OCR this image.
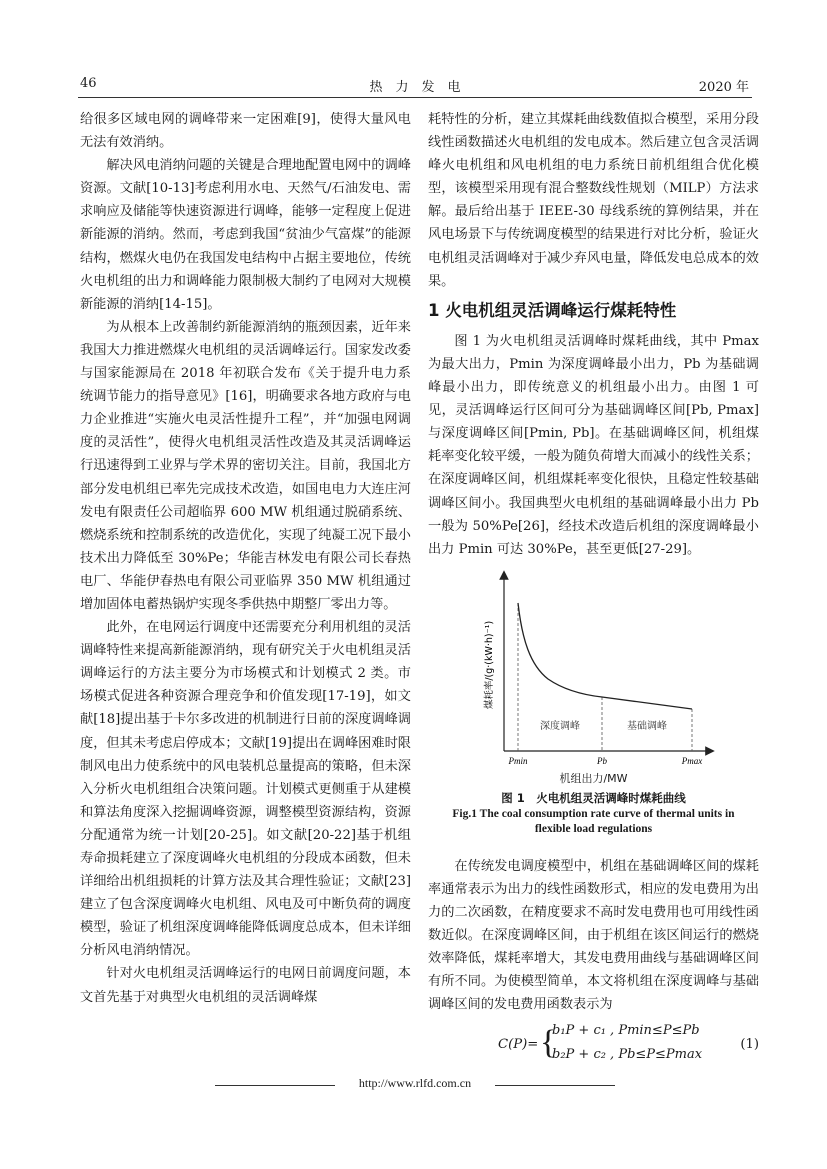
46	热　力　发　电	2020 年

给很多区域电网的调峰带来一定困难[9]，使得大量风电无法有效消纳。

解决风电消纳问题的关键是合理地配置电网中的调峰资源。文献[10-13]考虑利用水电、天然气/石油发电、需求响应及储能等快速资源进行调峰，能够一定程度上促进新能源的消纳。然而，考虑到我国“贫油少气富煤”的能源结构，燃煤火电仍在我国发电结构中占据主要地位，传统火电机组的出力和调峰能力限制极大制约了电网对大规模新能源的消纳[14-15]。

为从根本上改善制约新能源消纳的瓶颈因素，近年来我国大力推进燃煤火电机组的灵活调峰运行。国家发改委与国家能源局在 2018 年初联合发布《关于提升电力系统调节能力的指导意见》[16]，明确要求各地方政府与电力企业推进“实施火电灵活性提升工程”，并“加强电网调度的灵活性”，使得火电机组灵活性改造及其灵活调峰运行迅速得到工业界与学术界的密切关注。目前，我国北方部分发电机组已率先完成技术改造，如国电电力大连庄河发电有限责任公司超临界 600 MW 机组通过脱硝系统、燃烧系统和控制系统的改造优化，实现了纯凝工况下最小技术出力降低至 30%Pe；华能吉林发电有限公司长春热电厂、华能伊春热电有限公司亚临界 350 MW 机组通过增加固体电蓄热锅炉实现冬季供热中期整厂零出力等。

此外，在电网运行调度中还需要充分利用机组的灵活调峰特性来提高新能源消纳，现有研究关于火电机组灵活调峰运行的方法主要分为市场模式和计划模式 2 类。市场模式促进各种资源合理竞争和价值发现[17-19]，如文献[18]提出基于卡尔多改进的机制进行日前的深度调峰调度，但其未考虑启停成本；文献[19]提出在调峰困难时限制风电出力使系统中的风电装机总量提高的策略，但未深入分析火电机组组合决策问题。计划模式更侧重于从建模和算法角度深入挖掘调峰资源，调整模型资源结构，资源分配通常为统一计划[20-25]。如文献[20-22]基于机组寿命损耗建立了深度调峰火电机组的分段成本函数，但未详细给出机组损耗的计算方法及其合理性验证；文献[23]建立了包含深度调峰火电机组、风电及可中断负荷的调度模型，验证了机组深度调峰能降低调度总成本，但未详细分析风电消纳情况。

针对火电机组灵活调峰运行的电网日前调度问题，本文首先基于对典型火电机组的灵活调峰煤

耗特性的分析，建立其煤耗曲线数值拟合模型，采用分段线性函数描述火电机组的发电成本。然后建立包含灵活调峰火电机组和风电机组的电力系统日前机组组合优化模型，该模型采用现有混合整数线性规划（MILP）方法求解。最后给出基于 IEEE-30 母线系统的算例结果，并在风电场景下与传统调度模型的结果进行对比分析，验证火电机组灵活调峰对于减少弃风电量，降低发电总成本的效果。

1 火电机组灵活调峰运行煤耗特性

图 1 为火电机组灵活调峰时煤耗曲线，其中 Pmax 为最大出力，Pmin 为深度调峰最小出力，Pb 为基础调峰最小出力，即传统意义的机组最小出力。由图 1 可见，灵活调峰运行区间可分为基础调峰区间[Pb, Pmax]与深度调峰区间[Pmin, Pb]。在基础调峰区间，机组煤耗率变化较平缓，一般为随负荷增大而减小的线性关系；在深度调峰区间，机组煤耗率变化很快，且稳定性较基础调峰区间小。我国典型火电机组的基础调峰最小出力 Pb 一般为 50%Pe[26]，经技术改造后机组的深度调峰最小出力 Pmin 可达 30%Pe，甚至更低[27-29]。

深度调峰	基础调峰
Pmin	Pb	Pmax
煤耗率/(g·(kW·h)⁻¹)
机组出力/MW
图 1　火电机组灵活调峰时煤耗曲线
Fig.1 The coal consumption rate curve of thermal units in
flexible load regulations

在传统发电调度模型中，机组在基础调峰区间的煤耗率通常表示为出力的线性函数形式，相应的发电费用为出力的二次函数，在精度要求不高时发电费用也可用线性函数近似。在深度调峰区间，由于机组在该区间运行的燃烧效率降低，煤耗率增大，其发电费用曲线与基础调峰区间有所不同。为使模型简单，本文将机组在深度调峰与基础调峰区间的发电费用函数表示为

C(P)= {
b₁P + c₁ , Pmin≤P≤Pb
b₂P + c₂ , Pb≤P≤Pmax
(1)
http://www.rlfd.com.cn
